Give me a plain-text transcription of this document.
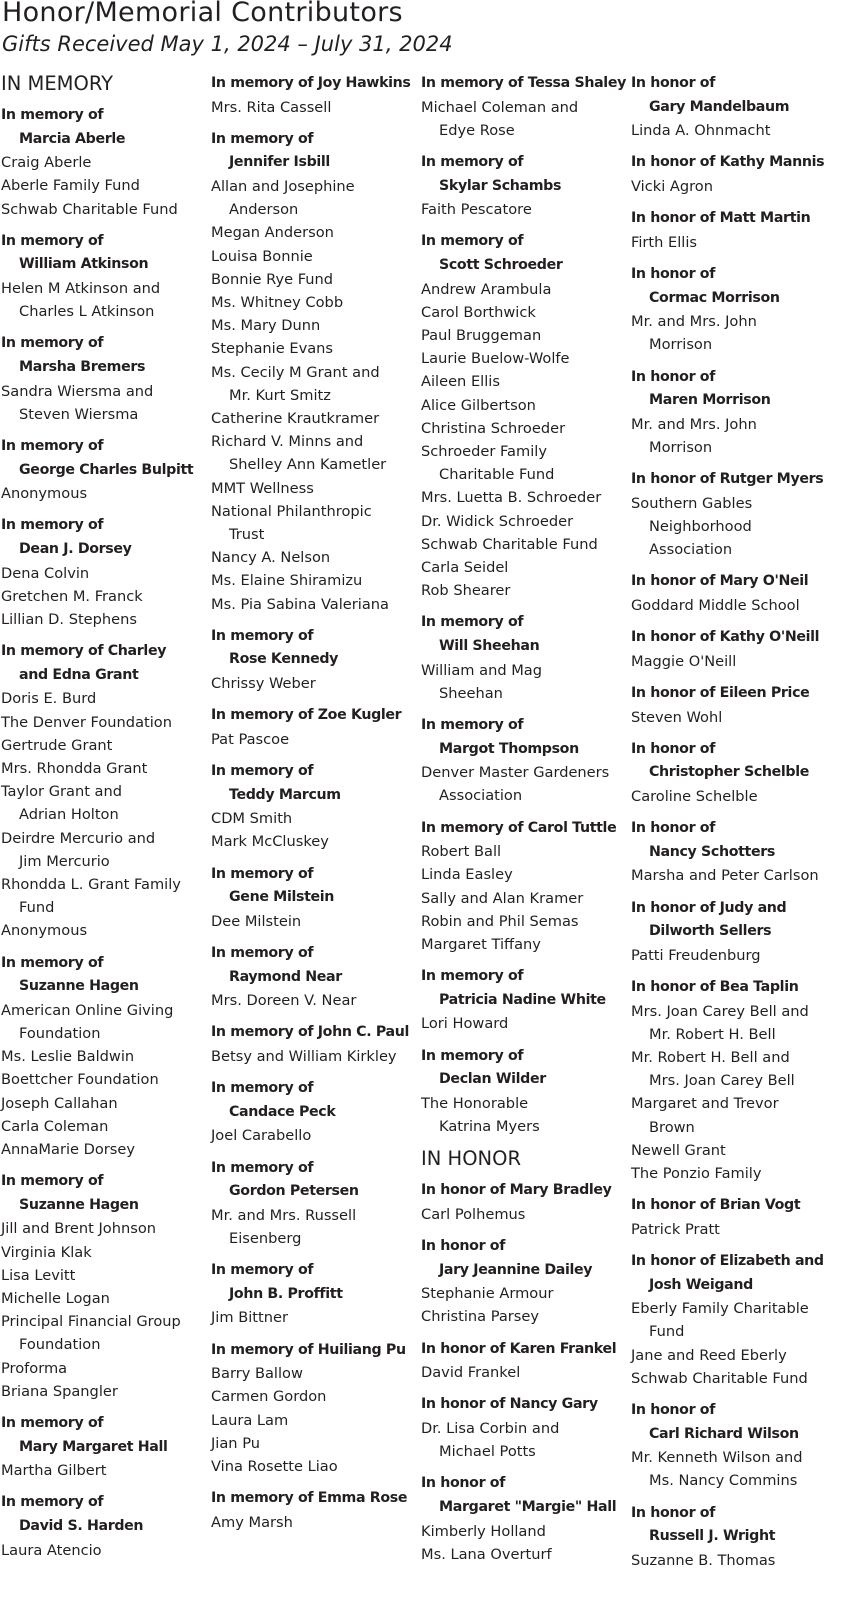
Honor/Memorial Contributors
Gifts Received May 1, 2024 – July 31, 2024
IN MEMORY
In memory of
Marcia Aberle
Craig Aberle
Aberle Family Fund
Schwab Charitable Fund
In memory of
William Atkinson
Helen M Atkinson and
Charles L Atkinson
In memory of
Marsha Bremers
Sandra Wiersma and
Steven Wiersma
In memory of
George Charles Bulpitt
Anonymous
In memory of
Dean J. Dorsey
Dena Colvin
Gretchen M. Franck
Lillian D. Stephens
In memory of Charley
and Edna Grant
Doris E. Burd
The Denver Foundation
Gertrude Grant
Mrs. Rhondda Grant
Taylor Grant and
Adrian Holton
Deirdre Mercurio and
Jim Mercurio
Rhondda L. Grant Family
Fund
Anonymous
In memory of
Suzanne Hagen
American Online Giving
Foundation
Ms. Leslie Baldwin
Boettcher Foundation
Joseph Callahan
Carla Coleman
AnnaMarie Dorsey
In memory of
Suzanne Hagen
Jill and Brent Johnson
Virginia Klak
Lisa Levitt
Michelle Logan
Principal Financial Group
Foundation
Proforma
Briana Spangler
In memory of
Mary Margaret Hall
Martha Gilbert
In memory of
David S. Harden
Laura Atencio
In memory of Joy Hawkins
Mrs. Rita Cassell
In memory of
Jennifer Isbill
Allan and Josephine
Anderson
Megan Anderson
Louisa Bonnie
Bonnie Rye Fund
Ms. Whitney Cobb
Ms. Mary Dunn
Stephanie Evans
Ms. Cecily M Grant and
Mr. Kurt Smitz
Catherine Krautkramer
Richard V. Minns and
Shelley Ann Kametler
MMT Wellness
National Philanthropic
Trust
Nancy A. Nelson
Ms. Elaine Shiramizu
Ms. Pia Sabina Valeriana
In memory of
Rose Kennedy
Chrissy Weber
In memory of Zoe Kugler
Pat Pascoe
In memory of
Teddy Marcum
CDM Smith
Mark McCluskey
In memory of
Gene Milstein
Dee Milstein
In memory of
Raymond Near
Mrs. Doreen V. Near
In memory of John C. Paul
Betsy and William Kirkley
In memory of
Candace Peck
Joel Carabello
In memory of
Gordon Petersen
Mr. and Mrs. Russell
Eisenberg
In memory of
John B. Proffitt
Jim Bittner
In memory of Huiliang Pu
Barry Ballow
Carmen Gordon
Laura Lam
Jian Pu
Vina Rosette Liao
In memory of Emma Rose
Amy Marsh
In memory of Tessa Shaley
Michael Coleman and
Edye Rose
In memory of
Skylar Schambs
Faith Pescatore
In memory of
Scott Schroeder
Andrew Arambula
Carol Borthwick
Paul Bruggeman
Laurie Buelow-Wolfe
Aileen Ellis
Alice Gilbertson
Christina Schroeder
Schroeder Family
Charitable Fund
Mrs. Luetta B. Schroeder
Dr. Widick Schroeder
Schwab Charitable Fund
Carla Seidel
Rob Shearer
In memory of
Will Sheehan
William and Mag
Sheehan
In memory of
Margot Thompson
Denver Master Gardeners
Association
In memory of Carol Tuttle
Robert Ball
Linda Easley
Sally and Alan Kramer
Robin and Phil Semas
Margaret Tiffany
In memory of
Patricia Nadine White
Lori Howard
In memory of
Declan Wilder
The Honorable
Katrina Myers
IN HONOR
In honor of Mary Bradley
Carl Polhemus
In honor of
Jary Jeannine Dailey
Stephanie Armour
Christina Parsey
In honor of Karen Frankel
David Frankel
In honor of Nancy Gary
Dr. Lisa Corbin and
Michael Potts
In honor of
Margaret "Margie" Hall
Kimberly Holland
Ms. Lana Overturf
In honor of
Gary Mandelbaum
Linda A. Ohnmacht
In honor of Kathy Mannis
Vicki Agron
In honor of Matt Martin
Firth Ellis
In honor of
Cormac Morrison
Mr. and Mrs. John
Morrison
In honor of
Maren Morrison
Mr. and Mrs. John
Morrison
In honor of Rutger Myers
Southern Gables
Neighborhood
Association
In honor of Mary O'Neil
Goddard Middle School
In honor of Kathy O'Neill
Maggie O'Neill
In honor of Eileen Price
Steven Wohl
In honor of
Christopher Schelble
Caroline Schelble
In honor of
Nancy Schotters
Marsha and Peter Carlson
In honor of Judy and
Dilworth Sellers
Patti Freudenburg
In honor of Bea Taplin
Mrs. Joan Carey Bell and
Mr. Robert H. Bell
Mr. Robert H. Bell and
Mrs. Joan Carey Bell
Margaret and Trevor
Brown
Newell Grant
The Ponzio Family
In honor of Brian Vogt
Patrick Pratt
In honor of Elizabeth and
Josh Weigand
Eberly Family Charitable
Fund
Jane and Reed Eberly
Schwab Charitable Fund
In honor of
Carl Richard Wilson
Mr. Kenneth Wilson and
Ms. Nancy Commins
In honor of
Russell J. Wright
Suzanne B. Thomas
